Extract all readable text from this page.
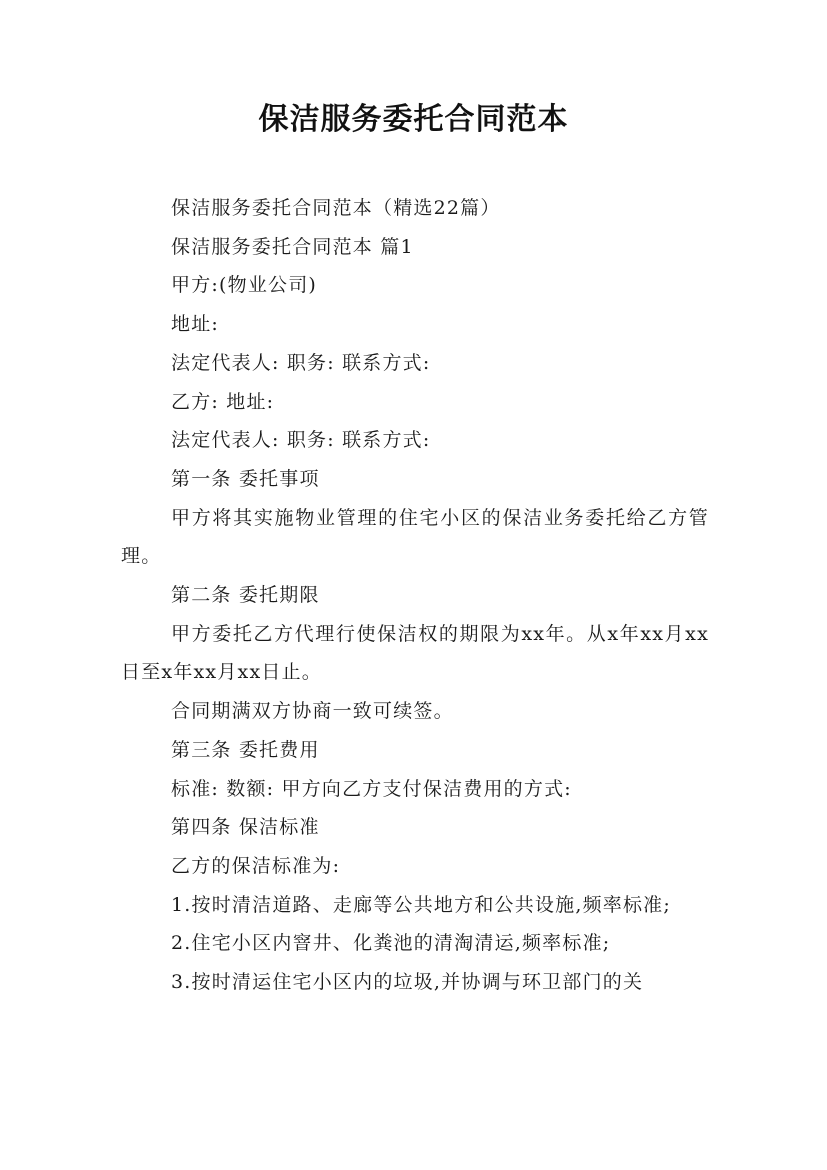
保洁服务委托合同范本

保洁服务委托合同范本（精选22篇）

保洁服务委托合同范本 篇1

甲方:(物业公司)

地址:

法定代表人: 职务: 联系方式:

乙方: 地址:

法定代表人: 职务: 联系方式:

第一条 委托事项

甲方将其实施物业管理的住宅小区的保洁业务委托给乙方管理。

第二条 委托期限

甲方委托乙方代理行使保洁权的期限为xx年。从x年xx月xx日至x年xx月xx日止。

合同期满双方协商一致可续签。

第三条 委托费用

标准: 数额: 甲方向乙方支付保洁费用的方式:

第四条 保洁标准

乙方的保洁标准为:

1.按时清洁道路、走廊等公共地方和公共设施,频率标准;

2.住宅小区内窨井、化粪池的清淘清运,频率标准;

3.按时清运住宅小区内的垃圾,并协调与环卫部门的关
